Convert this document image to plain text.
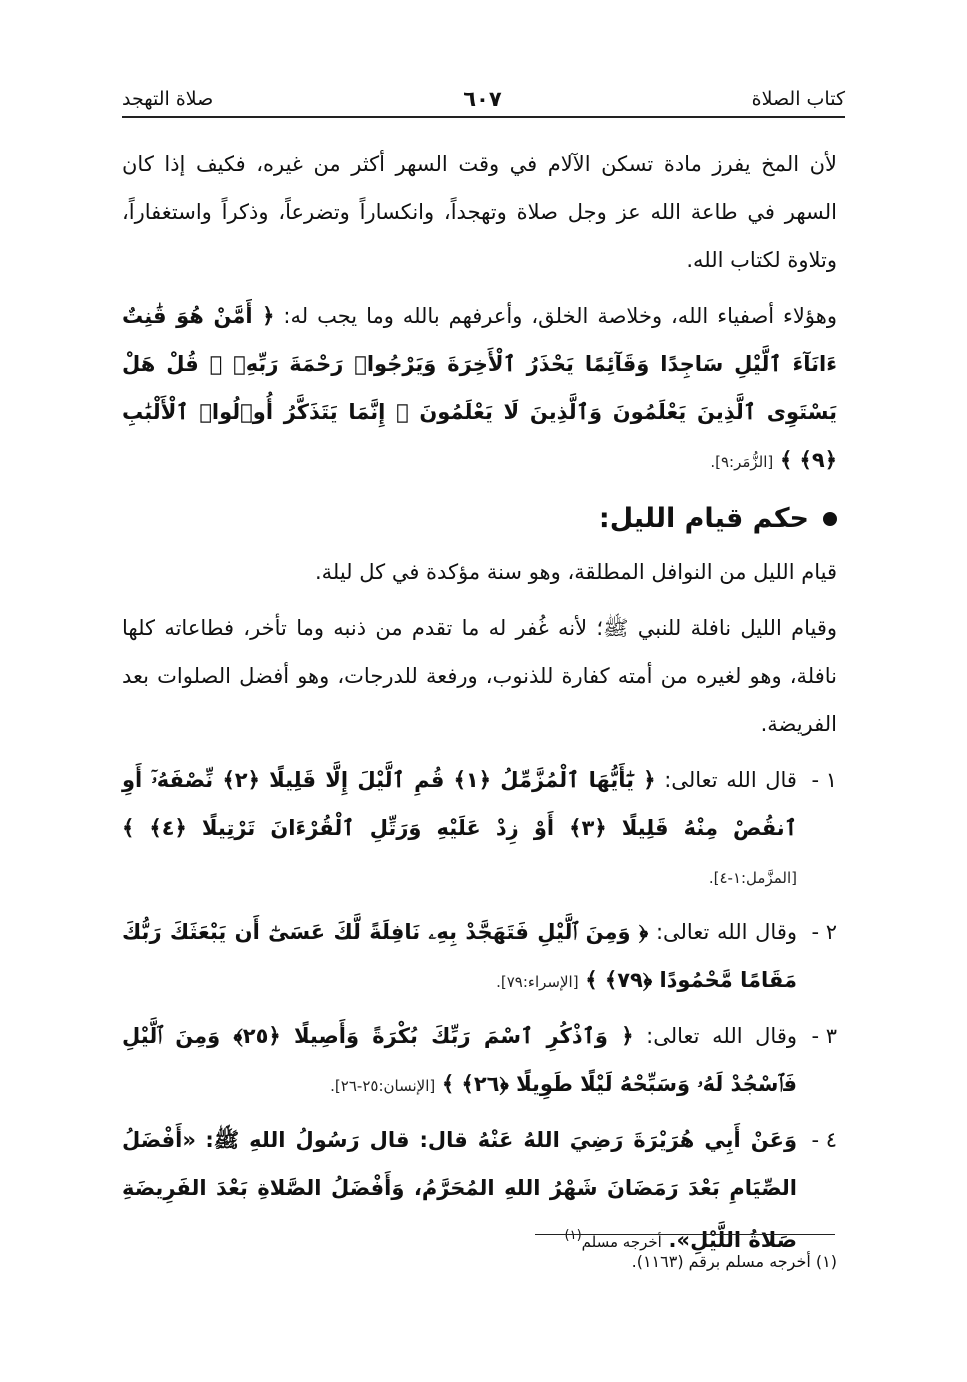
كتاب الصلاة
٦٠٧
صلاة التهجد

لأن المخ يفرز مادة تسكن الآلام في وقت السهر أكثر من غيره، فكيف إذا كان السهر في طاعة الله عز وجل صلاة وتهجداً، وانكساراً وتضرعاً، وذكراً واستغفاراً، وتلاوة لكتاب الله.

وهؤلاء أصفياء الله، وخلاصة الخلق، وأعرفهم بالله وما يجب له: ﴿ أَمَّنْ هُوَ قَٰنِتٌ ءَانَآءَ ٱلَّيْلِ سَاجِدًا وَقَآئِمًا يَحْذَرُ ٱلْأَخِرَةَ وَيَرْجُوا۟ رَحْمَةَ رَبِّهِۦ ۗ قُلْ هَلْ يَسْتَوِى ٱلَّذِينَ يَعْلَمُونَ وَٱلَّذِينَ لَا يَعْلَمُونَ ۗ إِنَّمَا يَتَذَكَّرُ أُو۟لُوا۟ ٱلْأَلْبَٰبِ ﴿٩﴾ ﴾ [الزُّمَر:٩].

حكم قيام الليل:

قيام الليل من النوافل المطلقة، وهو سنة مؤكدة في كل ليلة.

وقيام الليل نافلة للنبي ﷺ؛ لأنه غُفر له ما تقدم من ذنبه وما تأخر، فطاعاته كلها نافلة، وهو لغيره من أمته كفارة للذنوب، ورفعة للدرجات، وهو أفضل الصلوات بعد الفريضة.

١ -
قال الله تعالى: ﴿ يَٰٓأَيُّهَا ٱلْمُزَّمِّلُ ﴿١﴾ قُمِ ٱلَّيْلَ إِلَّا قَلِيلًا ﴿٢﴾ نِّصْفَهُۥٓ أَوِ ٱنقُصْ مِنْهُ قَلِيلًا ﴿٣﴾ أَوْ زِدْ عَلَيْهِ وَرَتِّلِ ٱلْقُرْءَانَ تَرْتِيلًا ﴿٤﴾ ﴾ [المزَّمل:١-٤].
٢ -
وقال الله تعالى: ﴿ وَمِنَ ٱلَّيْلِ فَتَهَجَّدْ بِهِۦ نَافِلَةً لَّكَ عَسَىٰٓ أَن يَبْعَثَكَ رَبُّكَ مَقَامًا مَّحْمُودًا ﴿٧٩﴾ ﴾ [الإسراء:٧٩].
٣ -
وقال الله تعالى: ﴿ وَٱذْكُرِ ٱسْمَ رَبِّكَ بُكْرَةً وَأَصِيلًا ﴿٢٥﴾ وَمِنَ ٱلَّيْلِ فَٱسْجُدْ لَهُۥ وَسَبِّحْهُ لَيْلًا طَوِيلًا ﴿٢٦﴾ ﴾ [الإنسان:٢٥-٢٦].
٤ -
وَعَنْ أَبِي هُرَيْرَةَ رَضِيَ اللهُ عَنْهُ قال: قال رَسُولُ اللهِ ﷺ: «أَفْضَلُ الصِّيَامِ بَعْدَ رَمَضَانَ شَهْرُ اللهِ المُحَرَّمُ، وَأَفْضَلُ الصَّلاةِ بَعْدَ الفَرِيضَةِ صَلاةُ اللَّيْلِ». أخرجه مسلم$^{(١)}$
(١) أخرجه مسلم برقم (١١٦٣).
